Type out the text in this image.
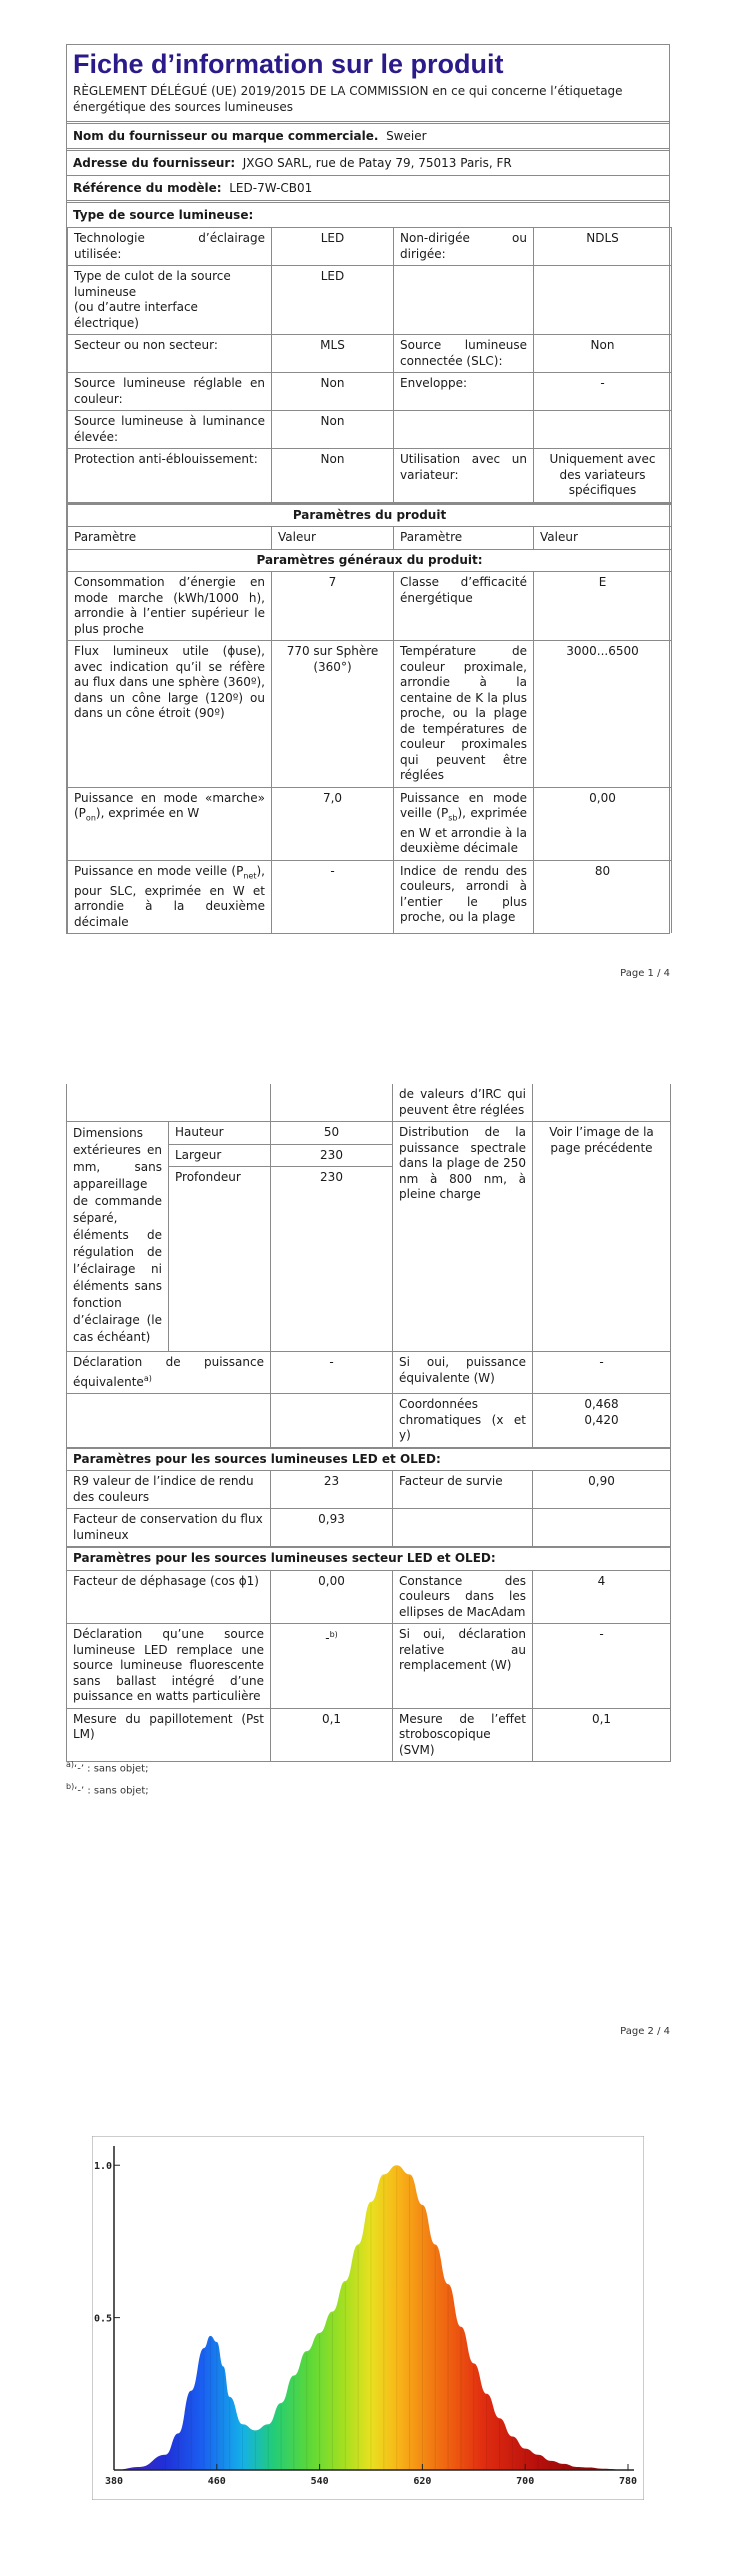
Fiche d’information sur le produit
RÈGLEMENT DÉLÉGUÉ (UE) 2019/2015 DE LA COMMISSION en ce qui concerne l’étiquetage énergétique des sources lumineuses
Nom du fournisseur ou marque commerciale. Sweier
Adresse du fournisseur: JXGO SARL, rue de Patay 79, 75013 Paris, FR
Référence du modèle: LED-7W-CB01
Type de source lumineuse:
Technologie d’éclairage utilisée:	LED	Non-dirigée ou dirigée:	NDLS
Type de culot de la source lumineuse
(ou d’autre interface électrique)	LED		
Secteur ou non secteur:	MLS	Source lumineuse connectée (SLC):	Non
Source lumineuse réglable en couleur:	Non	Enveloppe:	-
Source lumineuse à luminance élevée:	Non		
Protection anti-éblouissement:	Non	Utilisation avec un variateur:	Uniquement avec des variateurs spécifiques
Paramètres du produit			
Paramètre	Valeur	Paramètre	Valeur
Paramètres généraux du produit:			
Consommation d’énergie en mode marche (kWh/1000 h), arrondie à l’entier supérieur le plus proche	7	Classe d’efficacité énergétique	E
Flux lumineux utile (ɸuse), avec indication qu’il se réfère au flux dans une sphère (360º), dans un cône large (120º) ou dans un cône étroit (90º)	770 sur Sphère (360°)	Température de couleur proximale, arrondie à la centaine de K la plus proche, ou la plage de températures de couleur proximales qui peuvent être réglées	3000...6500
Puissance en mode «marche» $(P_{on})$, exprimée en W	7,0	Puissance en mode veille $(P_{sb})$, exprimée en W et arrondie à la deuxième décimale	0,00
Puissance en mode veille $(P_{net})$, pour SLC, exprimée en W et arrondie à la deuxième décimale	-	Indice de rendu des couleurs, arrondi à l’entier le plus proche, ou la plage	80
Page 1 / 4
			de valeurs d’IRC qui peuvent être réglées	
Dimensions extérieures en mm, sans appareillage de commande séparé, éléments de régulation de l’éclairage ni éléments sans fonction d’éclairage (le cas échéant)	Hauteur	50	Distribution de la puissance spectrale dans la plage de 250 nm à 800 nm, à pleine charge	Voir l’image de la page précédente
	Largeur	230		
	Profondeur	230		
Déclaration de puissance équivalente$^{a)}$		-	Si oui, puissance équivalente (W)	-
			Coordonnées chromatiques (x et y)	0,468
0,420
Paramètres pour les sources lumineuses LED et OLED:				
R9 valeur de l’indice de rendu des couleurs		23	Facteur de survie	0,90
Facteur de conservation du flux lumineux		0,93		
Paramètres pour les sources lumineuses secteur LED et OLED:				
Facteur de déphasage (cos ɸ1)		0,00	Constance des couleurs dans les ellipses de MacAdam	4
Déclaration qu’une source lumineuse LED remplace une source lumineuse fluorescente sans ballast intégré d’une puissance en watts particulière		-$^{b)}$	Si oui, déclaration relative au remplacement (W)	-
Mesure du papillotement (Pst LM)		0,1	Mesure de l’effet stroboscopique (SVM)	0,1
$^{a)}$‘-’ : sans objet;
$^{b)}$‘-’ : sans objet;
Page 2 / 4
380	460	540	620	700	780
0.5
1.0
